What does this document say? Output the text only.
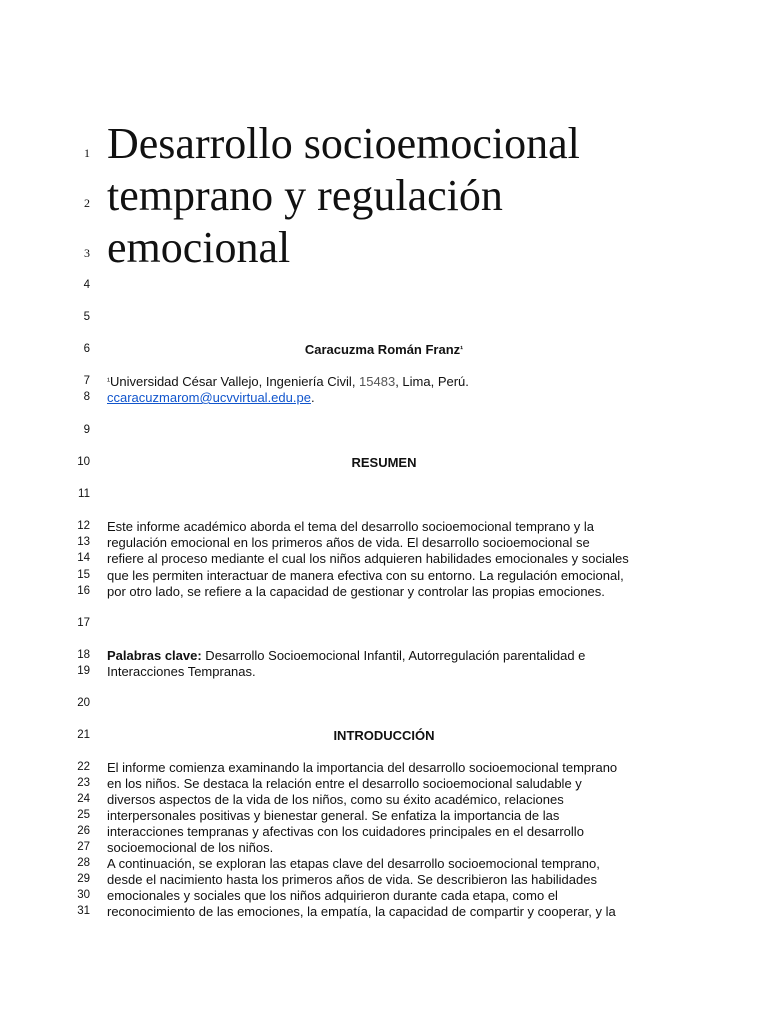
1
2
3
4
5
6
7
8
9
10
11
12
13
14
15
16
17
18
19
20
21
22
23
24
25
26
27
28
29
30
31
Desarrollo socioemocional
temprano y regulación
emocional
Caracuzma Román Franz$^{^1}$
$^{^1}$Universidad César Vallejo, Ingeniería Civil, 15483, Lima, Perú.
ccaracuzmarom@ucvvirtual.edu.pe.
RESUMEN
Este informe académico aborda el tema del desarrollo socioemocional temprano y la
regulación emocional en los primeros años de vida. El desarrollo socioemocional se
refiere al proceso mediante el cual los niños adquieren habilidades emocionales y sociales
que les permiten interactuar de manera efectiva con su entorno. La regulación emocional,
por otro lado, se refiere a la capacidad de gestionar y controlar las propias emociones.
Palabras clave: Desarrollo Socioemocional Infantil, Autorregulación parentalidad e
Interacciones Tempranas.
INTRODUCCIÓN
El informe comienza examinando la importancia del desarrollo socioemocional temprano
en los niños. Se destaca la relación entre el desarrollo socioemocional saludable y
diversos aspectos de la vida de los niños, como su éxito académico, relaciones
interpersonales positivas y bienestar general. Se enfatiza la importancia de las
interacciones tempranas y afectivas con los cuidadores principales en el desarrollo
socioemocional de los niños.
A continuación, se exploran las etapas clave del desarrollo socioemocional temprano,
desde el nacimiento hasta los primeros años de vida. Se describieron las habilidades
emocionales y sociales que los niños adquirieron durante cada etapa, como el
reconocimiento de las emociones, la empatía, la capacidad de compartir y cooperar, y la
